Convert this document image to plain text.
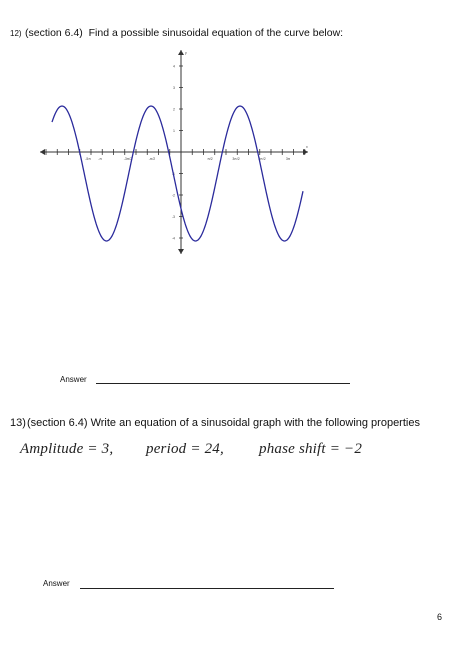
12) (section 6.4)  Find a possible sinusoidal equation of the curve below:
y
x
4
3
2
1
-1
-2
-3
-4
-5π -π	-3π/2	-π/2	π/2	3π/2	5π/2	3π
Answer
13) (section 6.4) Write an equation of a sinusoidal graph with the following properties
Amplitude = 3, period = 24, phase shift = −2
Answer
6
